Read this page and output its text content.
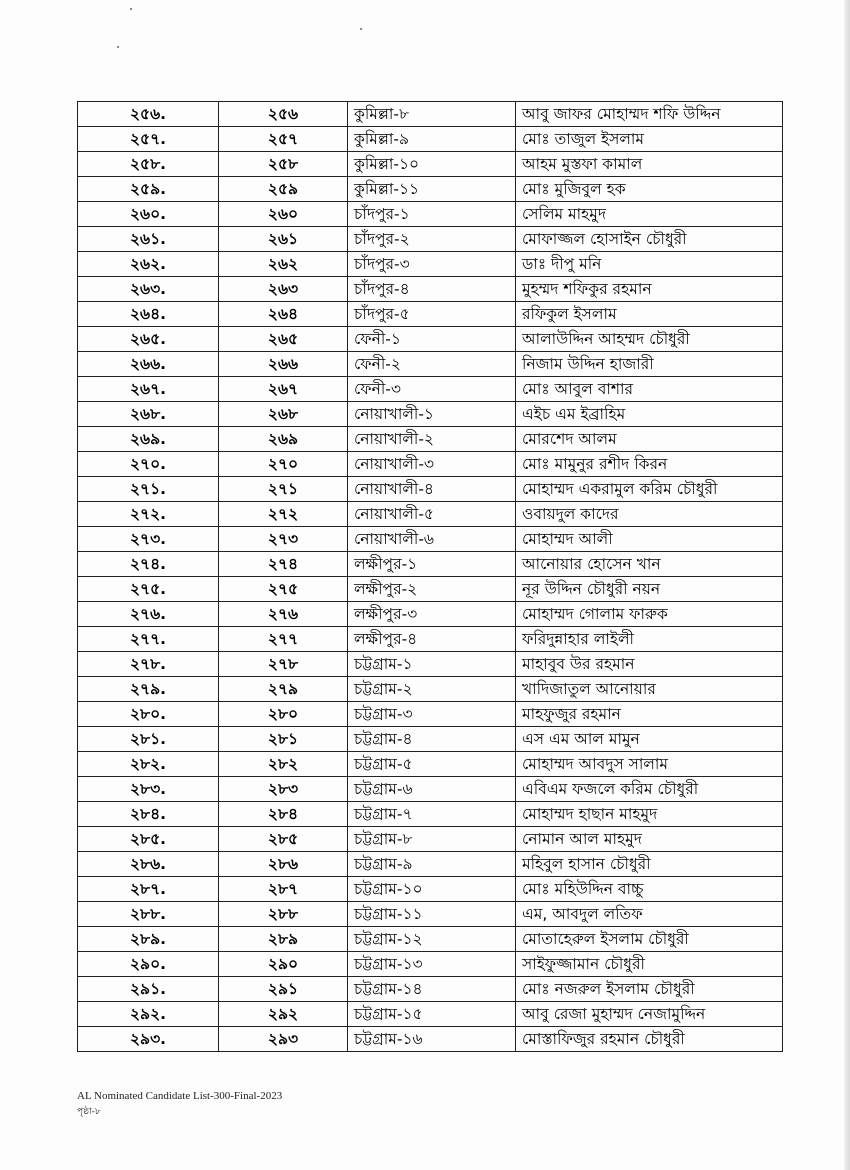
২৫৬.	২৫৬	কুমিল্লা-৮	আবু জাফর মোহাম্মদ শফি উদ্দিন
২৫৭.	২৫৭	কুমিল্লা-৯	মোঃ তাজুল ইসলাম
২৫৮.	২৫৮	কুমিল্লা-১০	আহম মুস্তফা কামাল
২৫৯.	২৫৯	কুমিল্লা-১১	মোঃ মুজিবুল হক
২৬০.	২৬০	চাঁদপুর-১	সেলিম মাহমুদ
২৬১.	২৬১	চাঁদপুর-২	মোফাজ্জল হোসাইন চৌধুরী
২৬২.	২৬২	চাঁদপুর-৩	ডাঃ দীপু মনি
২৬৩.	২৬৩	চাঁদপুর-৪	মুহম্মদ শফিকুর রহমান
২৬৪.	২৬৪	চাঁদপুর-৫	রফিকুল ইসলাম
২৬৫.	২৬৫	ফেনী-১	আলাউদ্দিন আহম্মদ চৌধুরী
২৬৬.	২৬৬	ফেনী-২	নিজাম উদ্দিন হাজারী
২৬৭.	২৬৭	ফেনী-৩	মোঃ আবুল বাশার
২৬৮.	২৬৮	নোয়াখালী-১	এইচ এম ইব্রাহিম
২৬৯.	২৬৯	নোয়াখালী-২	মোরশেদ আলম
২৭০.	২৭০	নোয়াখালী-৩	মোঃ মামুনুর রশীদ কিরন
২৭১.	২৭১	নোয়াখালী-৪	মোহাম্মদ একরামুল করিম চৌধুরী
২৭২.	২৭২	নোয়াখালী-৫	ওবায়দুল কাদের
২৭৩.	২৭৩	নোয়াখালী-৬	মোহাম্মদ আলী
২৭৪.	২৭৪	লক্ষীপুর-১	আনোয়ার হোসেন খান
২৭৫.	২৭৫	লক্ষীপুর-২	নূর উদ্দিন চৌধুরী নয়ন
২৭৬.	২৭৬	লক্ষীপুর-৩	মোহাম্মদ গোলাম ফারুক
২৭৭.	২৭৭	লক্ষীপুর-৪	ফরিদুন্নাহার লাইলী
২৭৮.	২৭৮	চট্টগ্রাম-১	মাহাবুব উর রহমান
২৭৯.	২৭৯	চট্টগ্রাম-২	খাদিজাতুল আনোয়ার
২৮০.	২৮০	চট্টগ্রাম-৩	মাহফুজুর রহমান
২৮১.	২৮১	চট্টগ্রাম-৪	এস এম আল মামুন
২৮২.	২৮২	চট্টগ্রাম-৫	মোহাম্মদ আবদুস সালাম
২৮৩.	২৮৩	চট্টগ্রাম-৬	এবিএম ফজলে করিম চৌধুরী
২৮৪.	২৮৪	চট্টগ্রাম-৭	মোহাম্মদ হাছান মাহমুদ
২৮৫.	২৮৫	চট্টগ্রাম-৮	নোমান আল মাহমুদ
২৮৬.	২৮৬	চট্টগ্রাম-৯	মহিবুল হাসান চৌধুরী
২৮৭.	২৮৭	চট্টগ্রাম-১০	মোঃ মহিউদ্দিন বাচ্চু
২৮৮.	২৮৮	চট্টগ্রাম-১১	এম, আবদুল লতিফ
২৮৯.	২৮৯	চট্টগ্রাম-১২	মোতাহেরুল ইসলাম চৌধুরী
২৯০.	২৯০	চট্টগ্রাম-১৩	সাইফুজ্জামান চৌধুরী
২৯১.	২৯১	চট্টগ্রাম-১৪	মোঃ নজরুল ইসলাম চৌধুরী
২৯২.	২৯২	চট্টগ্রাম-১৫	আবু রেজা মুহাম্মদ নেজামুদ্দিন
২৯৩.	২৯৩	চট্টগ্রাম-১৬	মোস্তাফিজুর রহমান চৌধুরী
AL Nominated Candidate List-300-Final-2023
পৃষ্ঠা-৮
